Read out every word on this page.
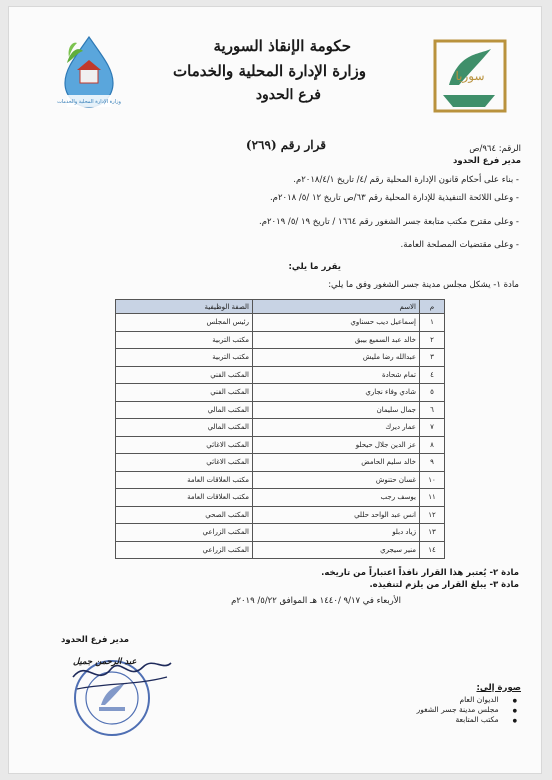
وزارة الإدارة المحلية والخدمات
سوريا
حكومة الإنقاذ السورية
وزارة الإدارة المحلية والخدمات
فرع الحدود
الرقم: ٩٦٤/ص
مدير فرع الحدود
قرار رقم (٢٦٩)
- بناء على أحكام قانون الإدارة المحلية رقم /٤/ تاريخ ٢٠١٨/٤/١م.
- وعلى اللائحة التنفيذية للإدارة المحلية رقم ٦٣/ص تاريخ ١٢ /٥/ ٢٠١٨م.
- وعلى مقترح مكتب متابعة جسر الشغور رقم ١٦٦٤ / تاريخ ١٩ /٥/ ٢٠١٩م.
- وعلى مقتضيات المصلحة العامة.
يقرر ما يلي:
مادة ١- يشكل مجلس مدينة جسر الشغور وفق ما يلي:
م	الاسم	الصفة الوظيفية
١	إسماعيل ديب حسناوي	رئيس المجلس
٢	خالد عبد السميع بيبق	مكتب التربية
٣	عبدالله رضا مليش	مكتب التربية
٤	تمام شحادة	المكتب الفني
٥	شادي وفاء نجاري	المكتب الفني
٦	جمال سليمان	المكتب المالي
٧	عمار ديرك	المكتب المالي
٨	عز الدين جلال حيحلو	المكتب الاغاثي
٩	خالد سليم الحامض	المكتب الاغاثي
١٠	غسان حتنوش	مكتب العلاقات العامة
١١	يوسف رجب	مكتب العلاقات العامة
١٢	انس عبد الواحد حللي	المكتب الصحي
١٣	زياد دبلو	المكتب الزراعي
١٤	منير سيجري	المكتب الزراعي
مادة ٢- يُعتبر هذا القرار نافذاً اعتباراً من تاريخه.
مادة ٣- يبلغ القرار من يلزم لتنفيذه.
الأربعاء في ٩/١٧ /١٤٤٠ هـ الموافق ٥/٢٢/ ٢٠١٩م
مدير فرع الحدود
عبد الرحمن جميل
صورة إلى:
● الديوان العام
● مجلس مدينة جسر الشغور
● مكتب المتابعة
